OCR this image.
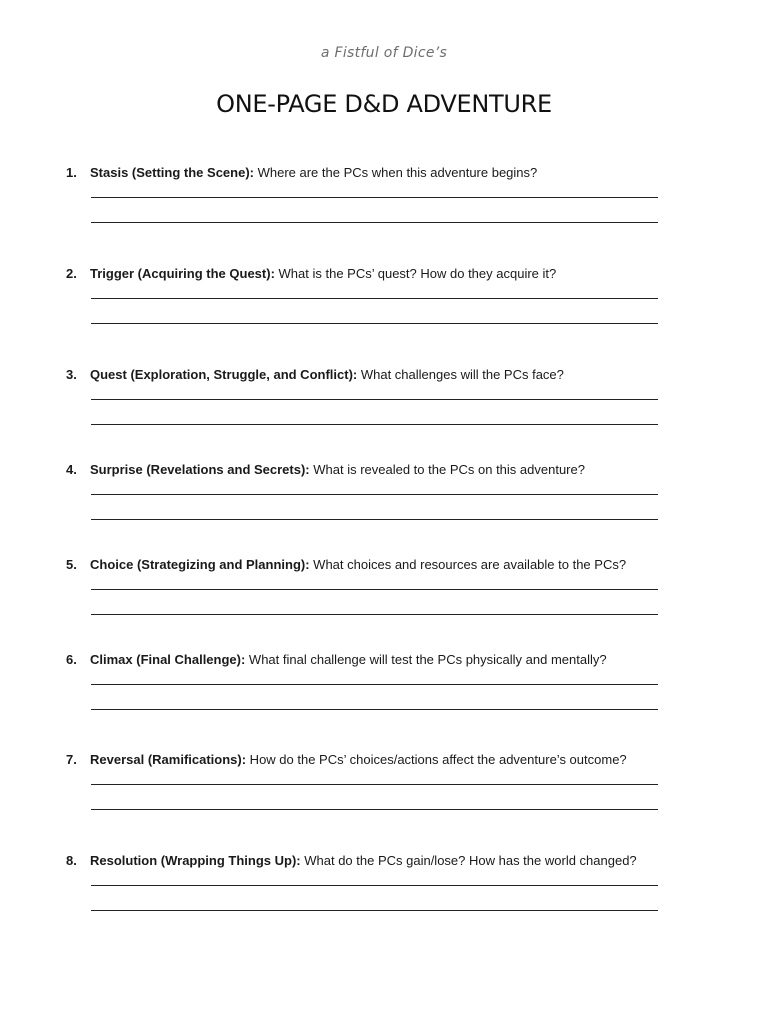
a Fistful of Dice’s
ONE-PAGE D&D ADVENTURE
1. Stasis (Setting the Scene): Where are the PCs when this adventure begins?
2. Trigger (Acquiring the Quest): What is the PCs’ quest? How do they acquire it?
3. Quest (Exploration, Struggle, and Conflict): What challenges will the PCs face?
4. Surprise (Revelations and Secrets): What is revealed to the PCs on this adventure?
5. Choice (Strategizing and Planning): What choices and resources are available to the PCs?
6. Climax (Final Challenge): What final challenge will test the PCs physically and mentally?
7. Reversal (Ramifications): How do the PCs’ choices/actions affect the adventure’s outcome?
8. Resolution (Wrapping Things Up): What do the PCs gain/lose? How has the world changed?
